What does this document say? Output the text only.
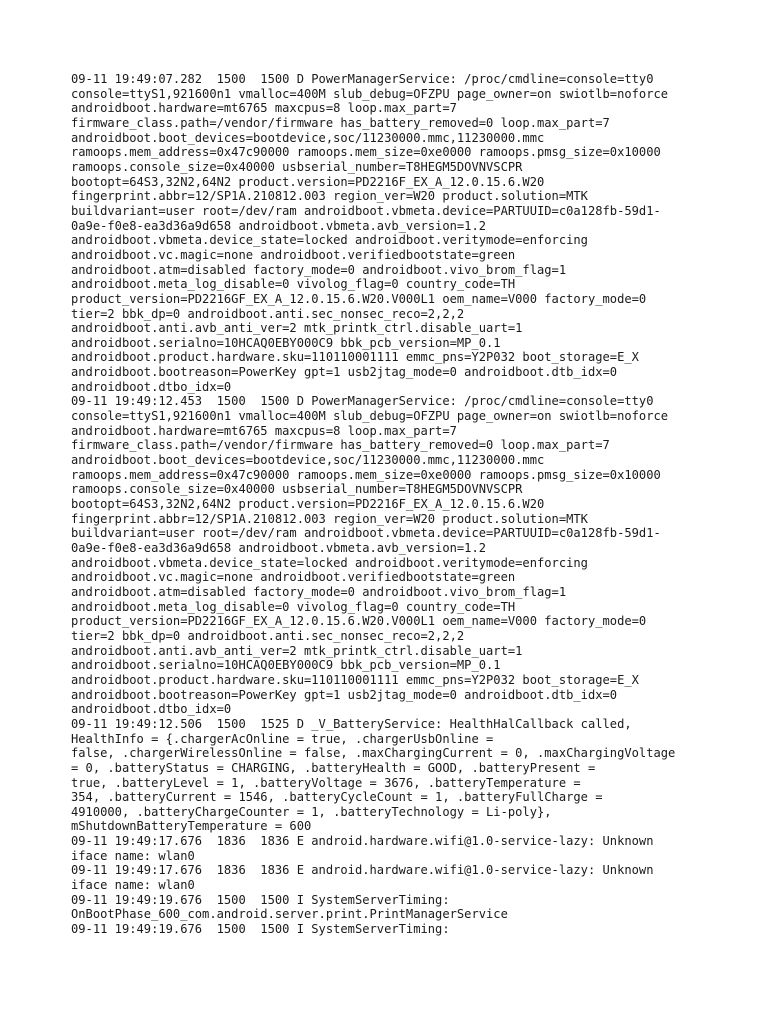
09-11 19:49:07.282  1500  1500 D PowerManagerService: /proc/cmdline=console=tty0
console=ttyS1,921600n1 vmalloc=400M slub_debug=OFZPU page_owner=on swiotlb=noforce
androidboot.hardware=mt6765 maxcpus=8 loop.max_part=7
firmware_class.path=/vendor/firmware has_battery_removed=0 loop.max_part=7
androidboot.boot_devices=bootdevice,soc/11230000.mmc,11230000.mmc
ramoops.mem_address=0x47c90000 ramoops.mem_size=0xe0000 ramoops.pmsg_size=0x10000
ramoops.console_size=0x40000 usbserial_number=T8HEGM5DOVNVSCPR
bootopt=64S3,32N2,64N2 product.version=PD2216F_EX_A_12.0.15.6.W20
fingerprint.abbr=12/SP1A.210812.003 region_ver=W20 product.solution=MTK
buildvariant=user root=/dev/ram androidboot.vbmeta.device=PARTUUID=c0a128fb-59d1-
0a9e-f0e8-ea3d36a9d658 androidboot.vbmeta.avb_version=1.2
androidboot.vbmeta.device_state=locked androidboot.veritymode=enforcing
androidboot.vc.magic=none androidboot.verifiedbootstate=green
androidboot.atm=disabled factory_mode=0 androidboot.vivo_brom_flag=1
androidboot.meta_log_disable=0 vivolog_flag=0 country_code=TH
product_version=PD2216GF_EX_A_12.0.15.6.W20.V000L1 oem_name=V000 factory_mode=0
tier=2 bbk_dp=0 androidboot.anti.sec_nonsec_reco=2,2,2
androidboot.anti.avb_anti_ver=2 mtk_printk_ctrl.disable_uart=1
androidboot.serialno=10HCAQ0EBY000C9 bbk_pcb_version=MP_0.1
androidboot.product.hardware.sku=110110001111 emmc_pns=Y2P032 boot_storage=E_X
androidboot.bootreason=PowerKey gpt=1 usb2jtag_mode=0 androidboot.dtb_idx=0
androidboot.dtbo_idx=0
09-11 19:49:12.453  1500  1500 D PowerManagerService: /proc/cmdline=console=tty0
console=ttyS1,921600n1 vmalloc=400M slub_debug=OFZPU page_owner=on swiotlb=noforce
androidboot.hardware=mt6765 maxcpus=8 loop.max_part=7
firmware_class.path=/vendor/firmware has_battery_removed=0 loop.max_part=7
androidboot.boot_devices=bootdevice,soc/11230000.mmc,11230000.mmc
ramoops.mem_address=0x47c90000 ramoops.mem_size=0xe0000 ramoops.pmsg_size=0x10000
ramoops.console_size=0x40000 usbserial_number=T8HEGM5DOVNVSCPR
bootopt=64S3,32N2,64N2 product.version=PD2216F_EX_A_12.0.15.6.W20
fingerprint.abbr=12/SP1A.210812.003 region_ver=W20 product.solution=MTK
buildvariant=user root=/dev/ram androidboot.vbmeta.device=PARTUUID=c0a128fb-59d1-
0a9e-f0e8-ea3d36a9d658 androidboot.vbmeta.avb_version=1.2
androidboot.vbmeta.device_state=locked androidboot.veritymode=enforcing
androidboot.vc.magic=none androidboot.verifiedbootstate=green
androidboot.atm=disabled factory_mode=0 androidboot.vivo_brom_flag=1
androidboot.meta_log_disable=0 vivolog_flag=0 country_code=TH
product_version=PD2216GF_EX_A_12.0.15.6.W20.V000L1 oem_name=V000 factory_mode=0
tier=2 bbk_dp=0 androidboot.anti.sec_nonsec_reco=2,2,2
androidboot.anti.avb_anti_ver=2 mtk_printk_ctrl.disable_uart=1
androidboot.serialno=10HCAQ0EBY000C9 bbk_pcb_version=MP_0.1
androidboot.product.hardware.sku=110110001111 emmc_pns=Y2P032 boot_storage=E_X
androidboot.bootreason=PowerKey gpt=1 usb2jtag_mode=0 androidboot.dtb_idx=0
androidboot.dtbo_idx=0
09-11 19:49:12.506  1500  1525 D _V_BatteryService: HealthHalCallback called,
HealthInfo = {.chargerAcOnline = true, .chargerUsbOnline =
false, .chargerWirelessOnline = false, .maxChargingCurrent = 0, .maxChargingVoltage
= 0, .batteryStatus = CHARGING, .batteryHealth = GOOD, .batteryPresent =
true, .batteryLevel = 1, .batteryVoltage = 3676, .batteryTemperature =
354, .batteryCurrent = 1546, .batteryCycleCount = 1, .batteryFullCharge =
4910000, .batteryChargeCounter = 1, .batteryTechnology = Li-poly},
mShutdownBatteryTemperature = 600
09-11 19:49:17.676  1836  1836 E android.hardware.wifi@1.0-service-lazy: Unknown
iface name: wlan0
09-11 19:49:17.676  1836  1836 E android.hardware.wifi@1.0-service-lazy: Unknown
iface name: wlan0
09-11 19:49:19.676  1500  1500 I SystemServerTiming:
OnBootPhase_600_com.android.server.print.PrintManagerService
09-11 19:49:19.676  1500  1500 I SystemServerTiming:
